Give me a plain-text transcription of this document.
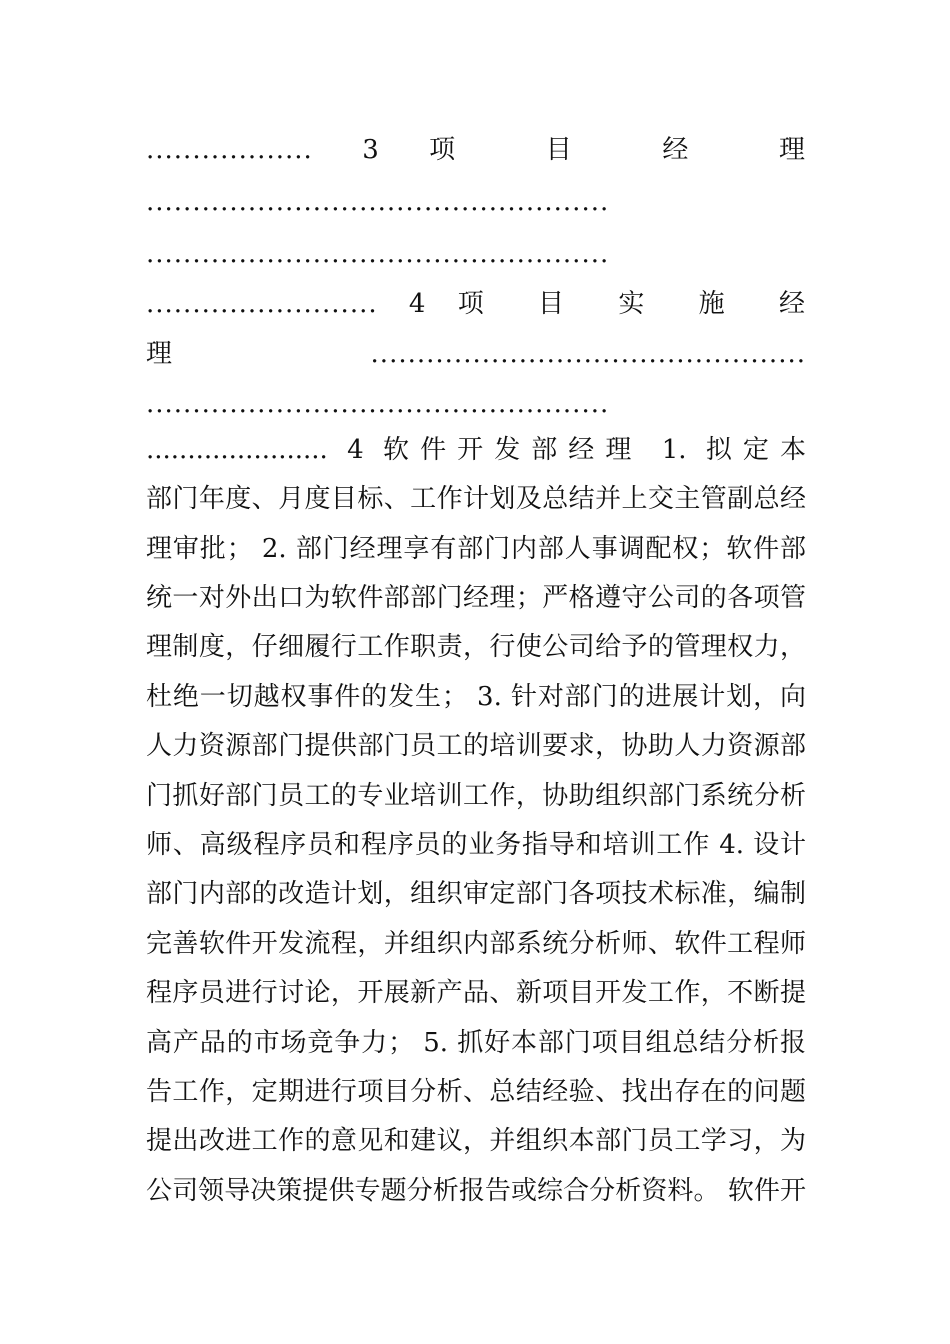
.................. 3 项 目 经 理
..................................................
..................................................
......................... 4 项 目 实 施 经
理 ...............................................
..................................................
...................... 4 软件开发部经理 1. 拟定本
部门年度、月度目标、工作计划及总结并上交主管副总经
理审批； 2. 部门经理享有部门内部人事调配权；软件部
统一对外出口为软件部部门经理；严格遵守公司的各项管
理制度，仔细履行工作职责，行使公司给予的管理权力，
杜绝一切越权事件的发生； 3. 针对部门的进展计划，向
人力资源部门提供部门员工的培训要求，协助人力资源部
门抓好部门员工的专业培训工作，协助组织部门系统分析
师、高级程序员和程序员的业务指导和培训工作 4. 设计
部门内部的改造计划，组织审定部门各项技术标准，编制
完善软件开发流程，并组织内部系统分析师、软件工程师
程序员进行讨论，开展新产品、新项目开发工作，不断提
高产品的市场竞争力； 5. 抓好本部门项目组总结分析报
告工作，定期进行项目分析、总结经验、找出存在的问题
提出改进工作的意见和建议，并组织本部门员工学习，为
公司领导决策提供专题分析报告或综合分析资料。 软件开
